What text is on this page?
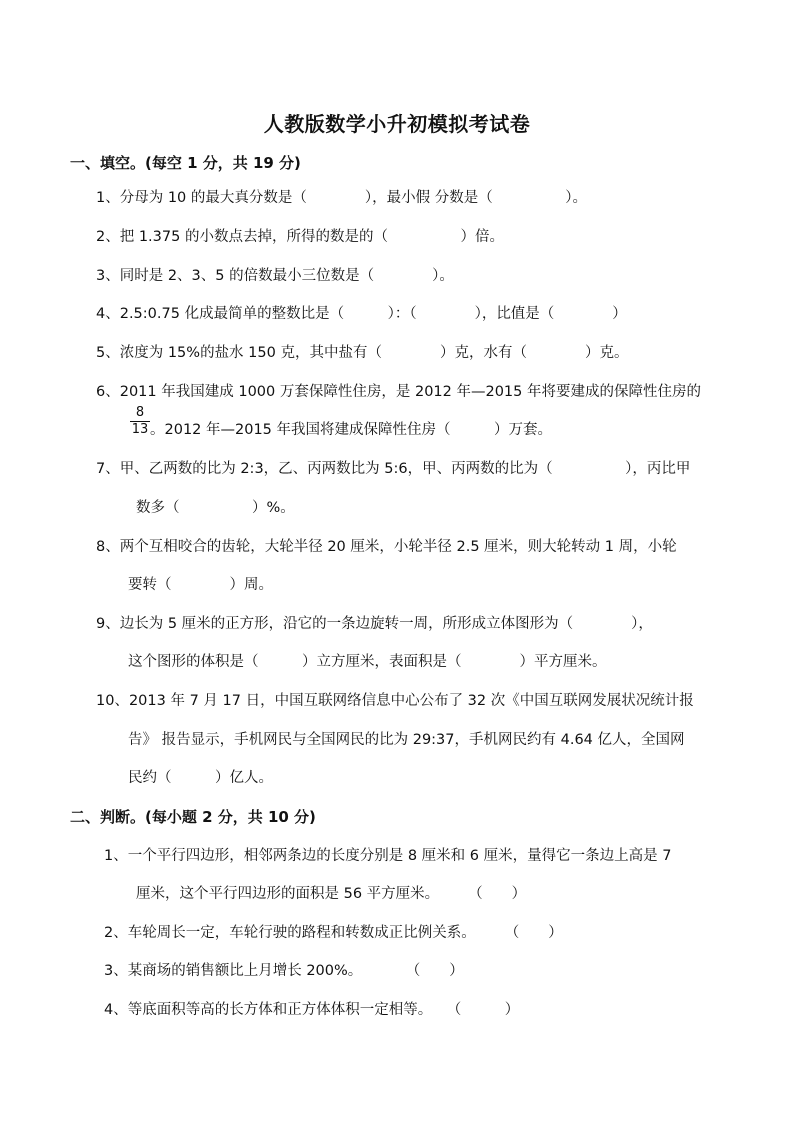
人教版数学小升初模拟考试卷
一、填空。(每空 1 分，共 19 分)
1、分母为 10 的最大真分数是（　　　　），最小假 分数是（　　　　　）。
2、把 1.375 的小数点去掉，所得的数是的（　　　　　）倍。
3、同时是 2、3、5 的倍数最小三位数是（　　　　）。
4、2.5:0.75 化成最简单的整数比是（　　　）：（　　　　），比值是（　　　　）
5、浓度为 15%的盐水 150 克，其中盐有（　　　　）克，水有（　　　　）克。
6、2011 年我国建成 1000 万套保障性住房，是 2012 年—2015 年将要建成的保障性住房的
$\frac{8}{13}$ 。2012 年—2015 年我国将建成保障性住房（　　　）万套。
7、甲、乙两数的比为 2:3，乙、丙两数比为 5:6，甲、丙两数的比为（　　　　　），丙比甲
数多（　　　　　）%。
8、两个互相咬合的齿轮，大轮半径 20 厘米，小轮半径 2.5 厘米，则大轮转动 1 周，小轮
要转（　　　　）周。
9、边长为 5 厘米的正方形，沿它的一条边旋转一周，所形成立体图形为（　　　　），
这个图形的体积是（　　　）立方厘米，表面积是（　　　　）平方厘米。
10、2013 年 7 月 17 日，中国互联网络信息中心公布了 32 次《中国互联网发展状况统计报
告》 报告显示，手机网民与全国网民的比为 29:37，手机网民约有 4.64 亿人，全国网
民约（　　　）亿人。
二、判断。(每小题 2 分，共 10 分)
1、一个平行四边形，相邻两条边的长度分别是 8 厘米和 6 厘米，量得它一条边上高是 7
厘米，这个平行四边形的面积是 56 平方厘米。　　　（　　）
2、车轮周长一定，车轮行驶的路程和转数成正比例关系。　　　（　　）
3、某商场的销售额比上月增长 200%。　　　　（　　）
4、等底面积等高的长方体和正方体体积一定相等。　　（　　　）
